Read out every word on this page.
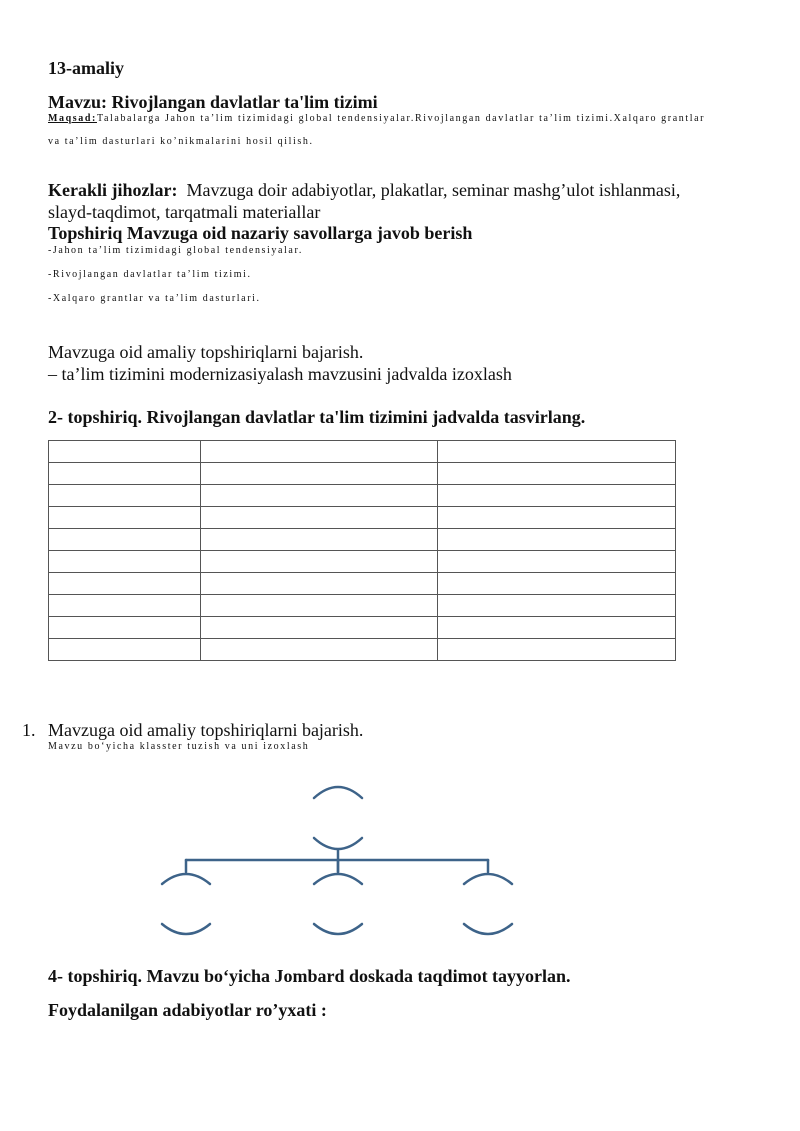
13-amaliy
Mavzu: Rivojlangan davlatlar ta'lim tizimi
Maqsad:Talabalarga Jahon ta’lim tizimidagi global tendensiyalar.Rivojlangan davlatlar ta’lim tizimi.Xalqaro grantlar
va ta’lim dasturlari ko’nikmalarini hosil qilish.
Kerakli jihozlar: Mavzuga doir adabiyotlar, plakatlar, seminar mashg’ulot ishlanmasi,
slayd-taqdimot, tarqatmali materiallar
Topshiriq Mavzuga oid nazariy savollarga javob berish
-Jahon ta’lim tizimidagi global tendensiyalar.
-Rivojlangan davlatlar ta’lim tizimi.
-Xalqaro grantlar va ta’lim dasturlari.
Mavzuga oid amaliy topshiriqlarni bajarish.
– ta’lim tizimini modernizasiyalash mavzusini jadvalda izoxlash
2- topshiriq. Rivojlangan davlatlar ta'lim tizimini jadvalda tasvirlang.

1. Mavzuga oid amaliy topshiriqlarni bajarish.
Mavzu bo‘yicha klasster tuzish va uni izoxlash
4- topshiriq. Mavzu bo‘yicha Jombard doskada taqdimot tayyorlan.
Foydalanilgan adabiyotlar ro’yxati :
